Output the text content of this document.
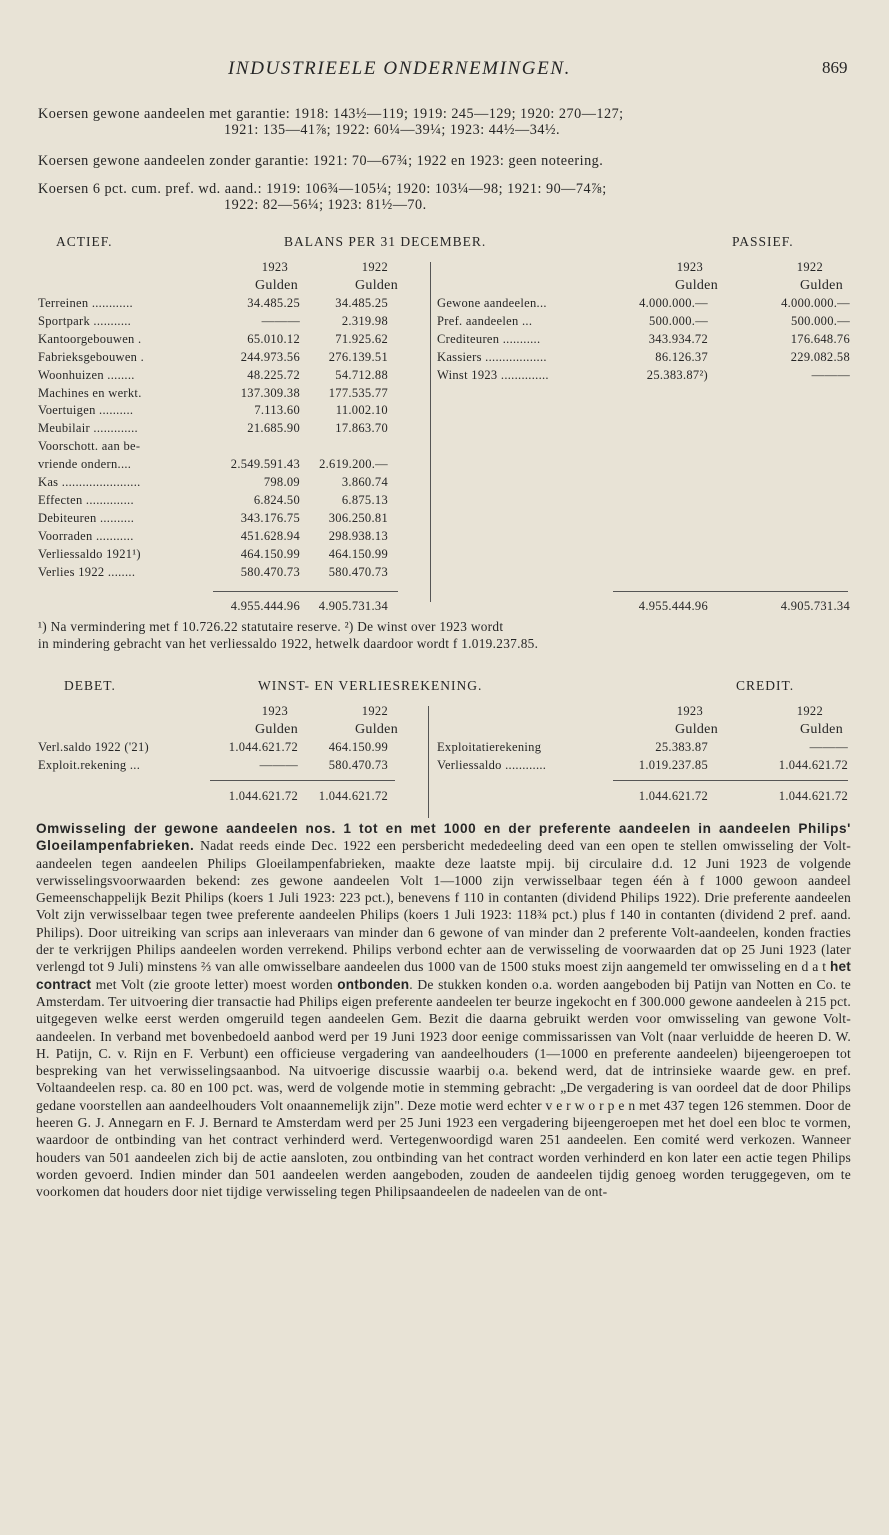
INDUSTRIEELE ONDERNEMINGEN.	869
Koersen gewone aandeelen met garantie: 1918: 143½—119; 1919: 245—129; 1920: 270—127;
1921: 135—41⅞; 1922: 60¼—39¼; 1923: 44½—34½.
Koersen gewone aandeelen zonder garantie: 1921: 70—67¾; 1922 en 1923: geen noteering.
Koersen 6 pct. cum. pref. wd. aand.: 1919: 106¾—105¼; 1920: 103¼—98; 1921: 90—74⅞;
1922: 82—56¼; 1923: 81½—70.
ACTIEF.	BALANS PER 31 DECEMBER.	PASSIEF.
1923	1922	1923	1922
Gulden	Gulden	Gulden	Gulden
Terreinen ............	34.485.25	34.485.25
Sportpark ...........	———	2.319.98
Kantoorgebouwen .	65.010.12	71.925.62
Fabrieksgebouwen .	244.973.56	276.139.51
Woonhuizen ........	48.225.72	54.712.88
Machines en werkt.	137.309.38	177.535.77
Voertuigen ..........	7.113.60	11.002.10
Meubilair .............	21.685.90	17.863.70
Voorschott. aan be-
vriende ondern....	2.549.591.43	2.619.200.—
Kas .......................	798.09	3.860.74
Effecten ..............	6.824.50	6.875.13
Debiteuren ..........	343.176.75	306.250.81
Voorraden ...........	451.628.94	298.938.13
Verliessaldo 1921¹)	464.150.99	464.150.99
Verlies 1922 ........	580.470.73	580.470.73
Gewone aandeelen...	4.000.000.—	4.000.000.—
Pref. aandeelen ...	500.000.—	500.000.—
Crediteuren ...........	343.934.72	176.648.76
Kassiers ..................	86.126.37	229.082.58
Winst 1923 ..............	25.383.87²)	———
4.955.444.96	4.905.731.34	4.955.444.96	4.905.731.34
¹) Na vermindering met f 10.726.22 statutaire reserve. ²) De winst over 1923 wordt
in mindering gebracht van het verliessaldo 1922, hetwelk daardoor wordt f 1.019.237.85.
DEBET.	WINST- EN VERLIESREKENING.	CREDIT.
1923	1922	1923	1922
Gulden	Gulden	Gulden	Gulden
Verl.saldo 1922 ('21)	1.044.621.72	464.150.99
Exploit.rekening ...	———	580.470.73
Exploitatierekening	25.383.87	———
Verliessaldo ............	1.019.237.85	1.044.621.72
1.044.621.72	1.044.621.72	1.044.621.72	1.044.621.72
Omwisseling der gewone aandeelen nos. 1 tot en met 1000 en der preferente aandeelen in aandeelen Philips' Gloeilampenfabrieken. Nadat reeds einde Dec. 1922 een persbericht mededeeling deed van een open te stellen omwisseling der Volt-aandeelen tegen aandeelen Philips Gloeilampenfabrieken, maakte deze laatste mpij. bij circulaire d.d. 12 Juni 1923 de volgende verwisselingsvoorwaarden bekend: zes gewone aandeelen Volt 1—1000 zijn verwisselbaar tegen één à f 1000 gewoon aandeel Gemeenschappelijk Bezit Philips (koers 1 Juli 1923: 223 pct.), benevens f 110 in contanten (dividend Philips 1922). Drie preferente aandeelen Volt zijn verwisselbaar tegen twee preferente aandeelen Philips (koers 1 Juli 1923: 118¾ pct.) plus f 140 in contanten (dividend 2 pref. aand. Philips). Door uitreiking van scrips aan inleveraars van minder dan 6 gewone of van minder dan 2 preferente Volt-aandeelen, konden fracties der te verkrijgen Philips aandeelen worden verrekend. Philips verbond echter aan de verwisseling de voorwaarden dat op 25 Juni 1923 (later verlengd tot 9 Juli) minstens ⅔ van alle omwisselbare aandeelen dus 1000 van de 1500 stuks moest zijn aangemeld ter omwisseling en d a t het contract met Volt (zie groote letter) moest worden ontbonden. De stukken konden o.a. worden aangeboden bij Patijn van Notten en Co. te Amsterdam. Ter uitvoering dier transactie had Philips eigen preferente aandeelen ter beurze ingekocht en f 300.000 gewone aandeelen à 215 pct. uitgegeven welke eerst werden omgeruild tegen aandeelen Gem. Bezit die daarna gebruikt werden voor omwisseling van gewone Volt-aandeelen. In verband met bovenbedoeld aanbod werd per 19 Juni 1923 door eenige commissarissen van Volt (naar verluidde de heeren D. W. H. Patijn, C. v. Rijn en F. Verbunt) een officieuse vergadering van aandeelhouders (1—1000 en preferente aandeelen) bijeengeroepen tot bespreking van het verwisselingsaanbod. Na uitvoerige discussie waarbij o.a. bekend werd, dat de intrinsieke waarde gew. en pref. Voltaandeelen resp. ca. 80 en 100 pct. was, werd de volgende motie in stemming gebracht: „De vergadering is van oordeel dat de door Philips gedane voorstellen aan aandeelhouders Volt onaannemelijk zijn". Deze motie werd echter v e r w o r p e n met 437 tegen 126 stemmen. Door de heeren G. J. Annegarn en F. J. Bernard te Amsterdam werd per 25 Juni 1923 een vergadering bijeengeroepen met het doel een bloc te vormen, waardoor de ontbinding van het contract verhinderd werd. Vertegenwoordigd waren 251 aandeelen. Een comité werd verkozen. Wanneer houders van 501 aandeelen zich bij de actie aansloten, zou ontbinding van het contract worden verhinderd en kon later een actie tegen Philips worden gevoerd. Indien minder dan 501 aandeelen werden aangeboden, zouden de aandeelen tijdig genoeg worden teruggegeven, om te voorkomen dat houders door niet tijdige verwisseling tegen Philipsaandeelen de nadeelen van de ont-
